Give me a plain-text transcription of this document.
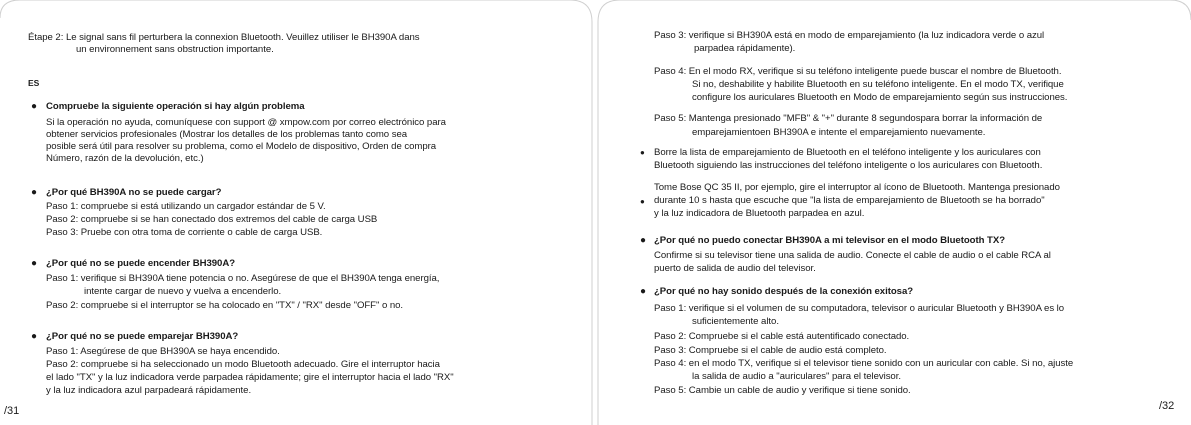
Étape 2: Le signal sans fil perturbera la connexion Bluetooth. Veuillez utiliser le BH390A dans
un environnement sans obstruction importante.
ES
● Compruebe la siguiente operación si hay algún problema
Si la operación no ayuda, comuníquese con support @ xmpow.com por correo electrónico para
obtener servicios profesionales (Mostrar los detalles de los problemas tanto como sea
posible será útil para resolver su problema, como el Modelo de dispositivo, Orden de compra
Número, razón de la devolución, etc.)
● ¿Por qué BH390A no se puede cargar?
Paso 1: compruebe si está utilizando un cargador estándar de 5 V.
Paso 2: compruebe si se han conectado dos extremos del cable de carga USB
Paso 3: Pruebe con otra toma de corriente o cable de carga USB.
● ¿Por qué no se puede encender BH390A?
Paso 1: verifique si BH390A tiene potencia o no. Asegúrese de que el BH390A tenga energía,
intente cargar de nuevo y vuelva a encenderlo.
Paso 2: compruebe si el interruptor se ha colocado en "TX" / "RX" desde "OFF" o no.
● ¿Por qué no se puede emparejar BH390A?
Paso 1: Asegúrese de que BH390A se haya encendido.
Paso 2: compruebe si ha seleccionado un modo Bluetooth adecuado. Gire el interruptor hacia
el lado "TX" y la luz indicadora verde parpadea rápidamente; gire el interruptor hacia el lado "RX"
y la luz indicadora azul parpadeará rápidamente.
/31
Paso 3: verifique si BH390A está en modo de emparejamiento (la luz indicadora verde o azul
parpadea rápidamente).
Paso 4: En el modo RX, verifique si su teléfono inteligente puede buscar el nombre de Bluetooth.
Si no, deshabilite y habilite Bluetooth en su teléfono inteligente. En el modo TX, verifique
configure los auriculares Bluetooth en Modo de emparejamiento según sus instrucciones.
Paso 5: Mantenga presionado "MFB" & "+" durante 8 segundospara borrar la información de
emparejamientoen BH390A e intente el emparejamiento nuevamente.
● Borre la lista de emparejamiento de Bluetooth en el teléfono inteligente y los auriculares con
Bluetooth siguiendo las instrucciones del teléfono inteligente o los auriculares con Bluetooth.
●
Tome Bose QC 35 II, por ejemplo, gire el interruptor al ícono de Bluetooth. Mantenga presionado
durante 10 s hasta que escuche que "la lista de emparejamiento de Bluetooth se ha borrado"
y la luz indicadora de Bluetooth parpadea en azul.
● ¿Por qué no puedo conectar BH390A a mi televisor en el modo Bluetooth TX?
Confirme si su televisor tiene una salida de audio. Conecte el cable de audio o el cable RCA al
puerto de salida de audio del televisor.
● ¿Por qué no hay sonido después de la conexión exitosa?
Paso 1: verifique si el volumen de su computadora, televisor o auricular Bluetooth y BH390A es lo
suficientemente alto.
Paso 2: Compruebe si el cable está autentificado conectado.
Paso 3: Compruebe si el cable de audio está completo.
Paso 4: en el modo TX, verifique si el televisor tiene sonido con un auricular con cable. Si no, ajuste
la salida de audio a "auriculares" para el televisor.
Paso 5: Cambie un cable de audio y verifique si tiene sonido.
/32
